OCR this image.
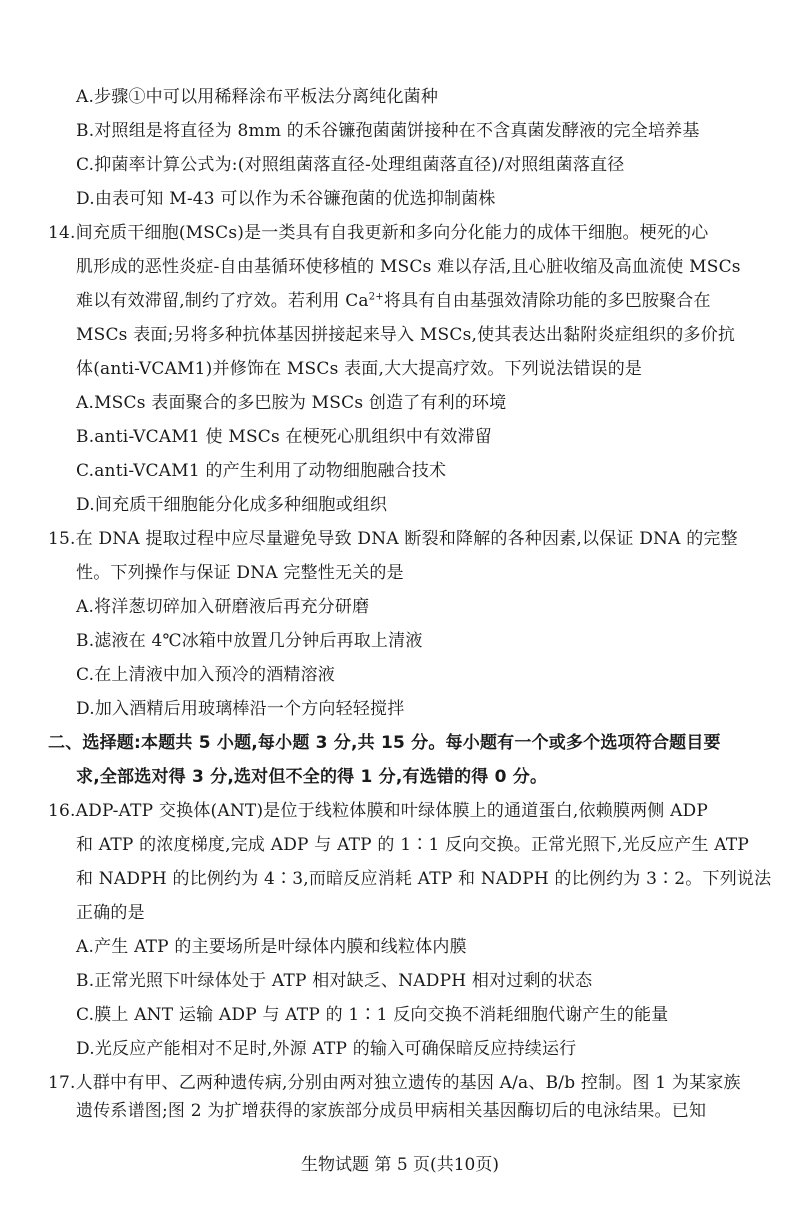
A.步骤①中可以用稀释涂布平板法分离纯化菌种
B.对照组是将直径为 8mm 的禾谷镰孢菌菌饼接种在不含真菌发酵液的完全培养基
C.抑菌率计算公式为:(对照组菌落直径-处理组菌落直径)/对照组菌落直径
D.由表可知 M-43 可以作为禾谷镰孢菌的优选抑制菌株
14.间充质干细胞(MSCs)是一类具有自我更新和多向分化能力的成体干细胞。梗死的心
肌形成的恶性炎症-自由基循环使移植的 MSCs 难以存活,且心脏收缩及高血流使 MSCs
难以有效滞留,制约了疗效。若利用 $Ca^{2+}$将具有自由基强效清除功能的多巴胺聚合在
MSCs 表面;另将多种抗体基因拼接起来导入 MSCs,使其表达出黏附炎症组织的多价抗
体(anti-VCAM1)并修饰在 MSCs 表面,大大提高疗效。下列说法错误的是
A.MSCs 表面聚合的多巴胺为 MSCs 创造了有利的环境
B.anti-VCAM1 使 MSCs 在梗死心肌组织中有效滞留
C.anti-VCAM1 的产生利用了动物细胞融合技术
D.间充质干细胞能分化成多种细胞或组织
15.在 DNA 提取过程中应尽量避免导致 DNA 断裂和降解的各种因素,以保证 DNA 的完整
性。下列操作与保证 DNA 完整性无关的是
A.将洋葱切碎加入研磨液后再充分研磨
B.滤液在 4℃冰箱中放置几分钟后再取上清液
C.在上清液中加入预冷的酒精溶液
D.加入酒精后用玻璃棒沿一个方向轻轻搅拌
二、选择题:本题共 5 小题,每小题 3 分,共 15 分。每小题有一个或多个选项符合题目要
求,全部选对得 3 分,选对但不全的得 1 分,有选错的得 0 分。
16.ADP-ATP 交换体(ANT)是位于线粒体膜和叶绿体膜上的通道蛋白,依赖膜两侧 ADP
和 ATP 的浓度梯度,完成 ADP 与 ATP 的 1∶1 反向交换。正常光照下,光反应产生 ATP
和 NADPH 的比例约为 4∶3,而暗反应消耗 ATP 和 NADPH 的比例约为 3∶2。下列说法
正确的是
A.产生 ATP 的主要场所是叶绿体内膜和线粒体内膜
B.正常光照下叶绿体处于 ATP 相对缺乏、NADPH 相对过剩的状态
C.膜上 ANT 运输 ADP 与 ATP 的 1∶1 反向交换不消耗细胞代谢产生的能量
D.光反应产能相对不足时,外源 ATP 的输入可确保暗反应持续运行
17.人群中有甲、乙两种遗传病,分别由两对独立遗传的基因 A/a、B/b 控制。图 1 为某家族
遗传系谱图;图 2 为扩增获得的家族部分成员甲病相关基因酶切后的电泳结果。已知
生物试题 第 5 页(共10页)
